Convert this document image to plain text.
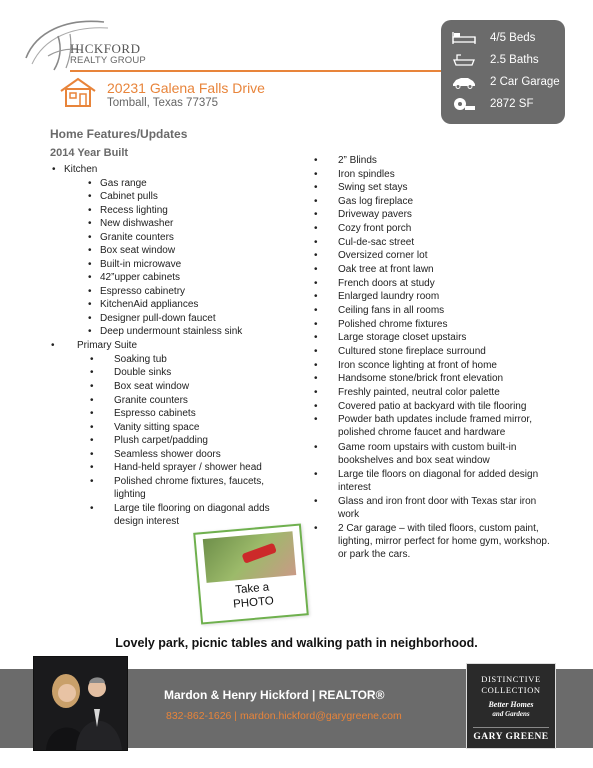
HICKFORD
REALTY GROUP
20231 Galena Falls Drive
Tomball, Texas 77375
4/5 Beds
2.5 Baths
2 Car Garage
2872 SF
Home Features/Updates
2014 Year Built
• Kitchen
• Gas range
• Cabinet pulls
• Recess lighting
• New dishwasher
• Granite counters
• Box seat window
• Built-in microwave
• 42”upper cabinets
• Espresso cabinetry
• KitchenAid appliances
• Designer pull-down faucet
• Deep undermount stainless sink
• Primary Suite
• Soaking tub
• Double sinks
• Box seat window
• Granite counters
• Espresso cabinets
• Vanity sitting space
• Plush carpet/padding
• Seamless shower doors
• Hand-held sprayer / shower head
• Polished chrome fixtures, faucets, lighting
• Large tile flooring on diagonal adds design interest
• 2” Blinds
• Iron spindles
• Swing set stays
• Gas log fireplace
• Driveway pavers
• Cozy front porch
• Cul-de-sac street
• Oversized corner lot
• Oak tree at front lawn
• French doors at study
• Enlarged laundry room
• Ceiling fans in all rooms
• Polished chrome fixtures
• Large storage closet upstairs
• Cultured stone fireplace surround
• Iron sconce lighting at front of home
• Handsome stone/brick front elevation
• Freshly painted, neutral color palette
• Covered patio at backyard with tile flooring
• Powder bath updates include framed mirror, polished chrome faucet and hardware
• Game room upstairs with custom built-in bookshelves and box seat window
• Large tile floors on diagonal for added design interest
• Glass and iron front door with Texas star iron work
• 2 Car garage – with tiled floors, custom paint, lighting, mirror perfect for home gym, workshop. or park the cars.
Take a
PHOTO
Lovely park, picnic tables and walking path in neighborhood.
Mardon & Henry Hickford | REALTOR®
832-862-1626 | mardon.hickford@garygreene.com
DISTINCTIVE
COLLECTION
Better Homes
and Gardens
GARY GREENE
